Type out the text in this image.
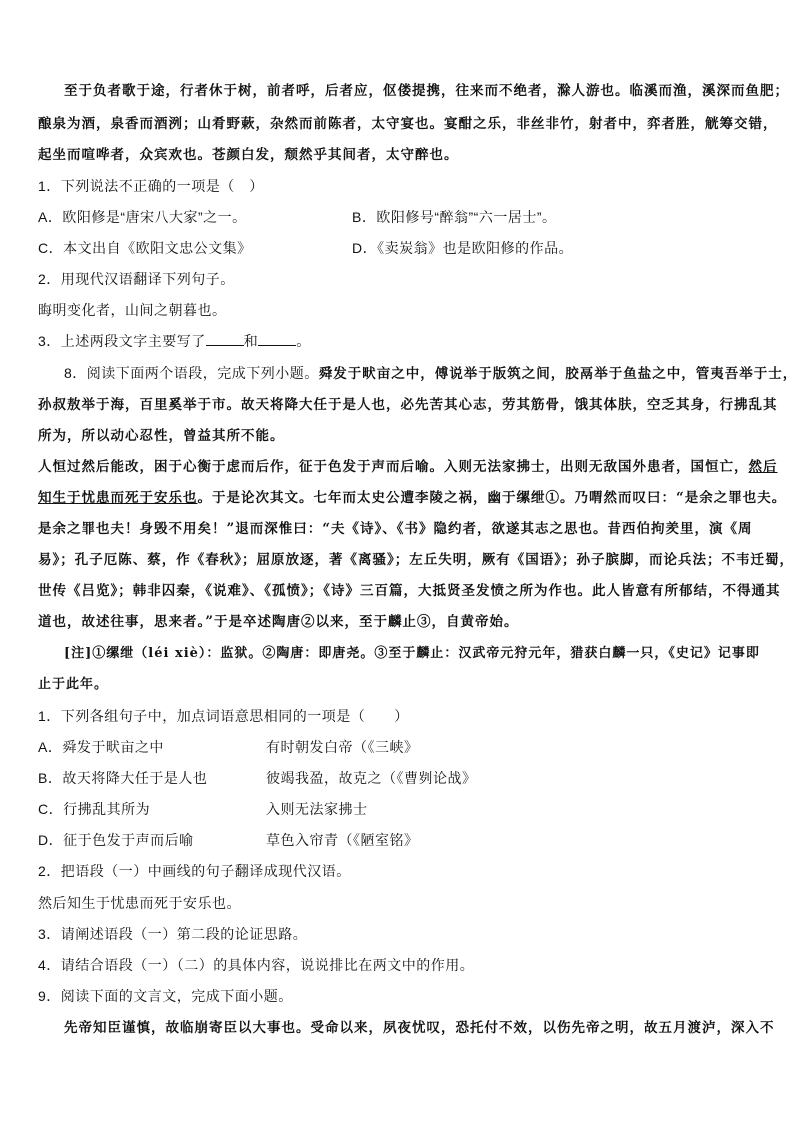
至于负者歌于途，行者休于树，前者呼，后者应，伛偻提携，往来而不绝者，滁人游也。临溪而渔，溪深而鱼肥；
酿泉为酒，泉香而酒洌；山肴野蔌，杂然而前陈者，太守宴也。宴酣之乐，非丝非竹，射者中，弈者胜，觥筹交错，
起坐而喧哗者，众宾欢也。苍颜白发，颓然乎其间者，太守醉也。
1．下列说法不正确的一项是（　）
A．欧阳修是“唐宋八大家”之一。	B．欧阳修号“醉翁”“六一居士”。
C．本文出自《欧阳文忠公文集》	D．《卖炭翁》也是欧阳修的作品。
2．用现代汉语翻译下列句子。
晦明变化者，山间之朝暮也。
3．上述两段文字主要写了	和	。
8．阅读下面两个语段，完成下列小题。舜发于畎亩之中，傅说举于版筑之间，胶鬲举于鱼盐之中，管夷吾举于士，
孙叔敖举于海，百里奚举于市。故天将降大任于是人也，必先苦其心志，劳其筋骨，饿其体肤，空乏其身，行拂乱其
所为，所以动心忍性，曾益其所不能。
人恒过然后能改，困于心衡于虑而后作，征于色发于声而后喻。入则无法家拂士，出则无敌国外患者，国恒亡，然后
知生于忧患而死于安乐也。于是论次其文。七年而太史公遭李陵之祸，幽于缧绁①。乃喟然而叹曰：“是余之罪也夫。
是余之罪也夫！身毁不用矣！”退而深惟曰：“夫《诗》、《书》隐约者，欲遂其志之思也。昔西伯拘羑里，演《周
易》；孔子厄陈、蔡，作《春秋》；屈原放逐，著《离骚》；左丘失明，厥有《国语》；孙子膑脚，而论兵法；不韦迁蜀，
世传《吕览》；韩非囚秦，《说难》、《孤愤》；《诗》三百篇，大抵贤圣发愤之所为作也。此人皆意有所郁结，不得通其
道也，故述往事，思来者。”于是卒述陶唐②以来，至于麟止③，自黄帝始。
[注]①缧绁（léi xiè）：监狱。②陶唐：即唐尧。③至于麟止：汉武帝元狩元年，猎获白麟一只，《史记》记事即
止于此年。
1．下列各组句子中，加点词语意思相同的一项是（　　）
A．舜发于畎亩之中	有时朝发白帝（《三峡》
B．故天将降大任于是人也	彼竭我盈，故克之（《曹刿论战》
C．行拂乱其所为	入则无法家拂士
D．征于色发于声而后喻	草色入帘青（《陋室铭》
2．把语段（一）中画线的句子翻译成现代汉语。
然后知生于忧患而死于安乐也。
3．请阐述语段（一）第二段的论证思路。
4．请结合语段（一）（二）的具体内容，说说排比在两文中的作用。
9．阅读下面的文言文，完成下面小题。
先帝知臣谨慎，故临崩寄臣以大事也。受命以来，夙夜忧叹，恐托付不效，以伤先帝之明，故五月渡泸，深入不
